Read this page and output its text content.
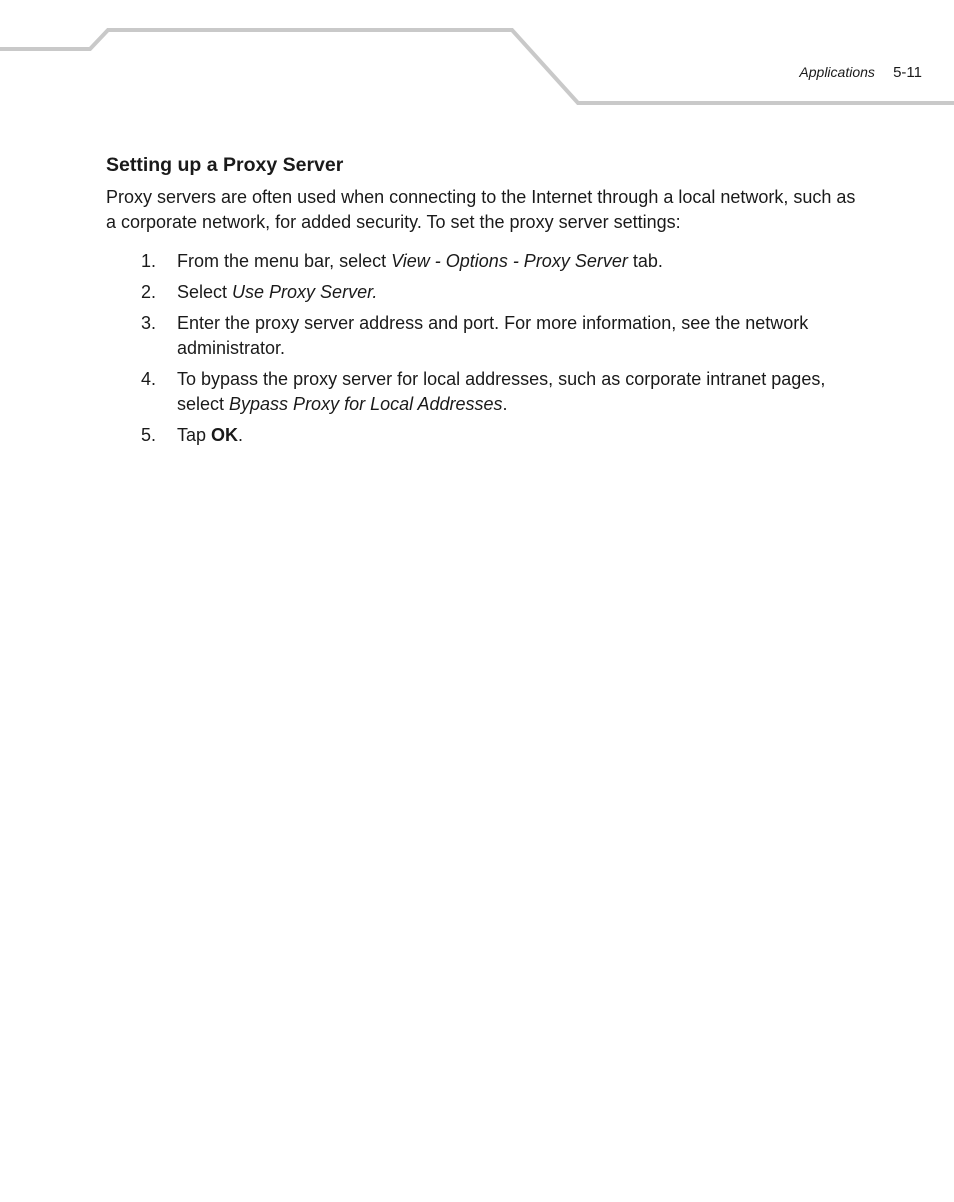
Applications 5-11
Setting up a Proxy Server

Proxy servers are often used when connecting to the Internet through a local network, such as a corporate network, for added security. To set the proxy server settings:

1. From the menu bar, select View - Options - Proxy Server tab.
2. Select Use Proxy Server.
3. Enter the proxy server address and port. For more information, see the network administrator.
4. To bypass the proxy server for local addresses, such as corporate intranet pages, select Bypass Proxy for Local Addresses.
5. Tap OK.
